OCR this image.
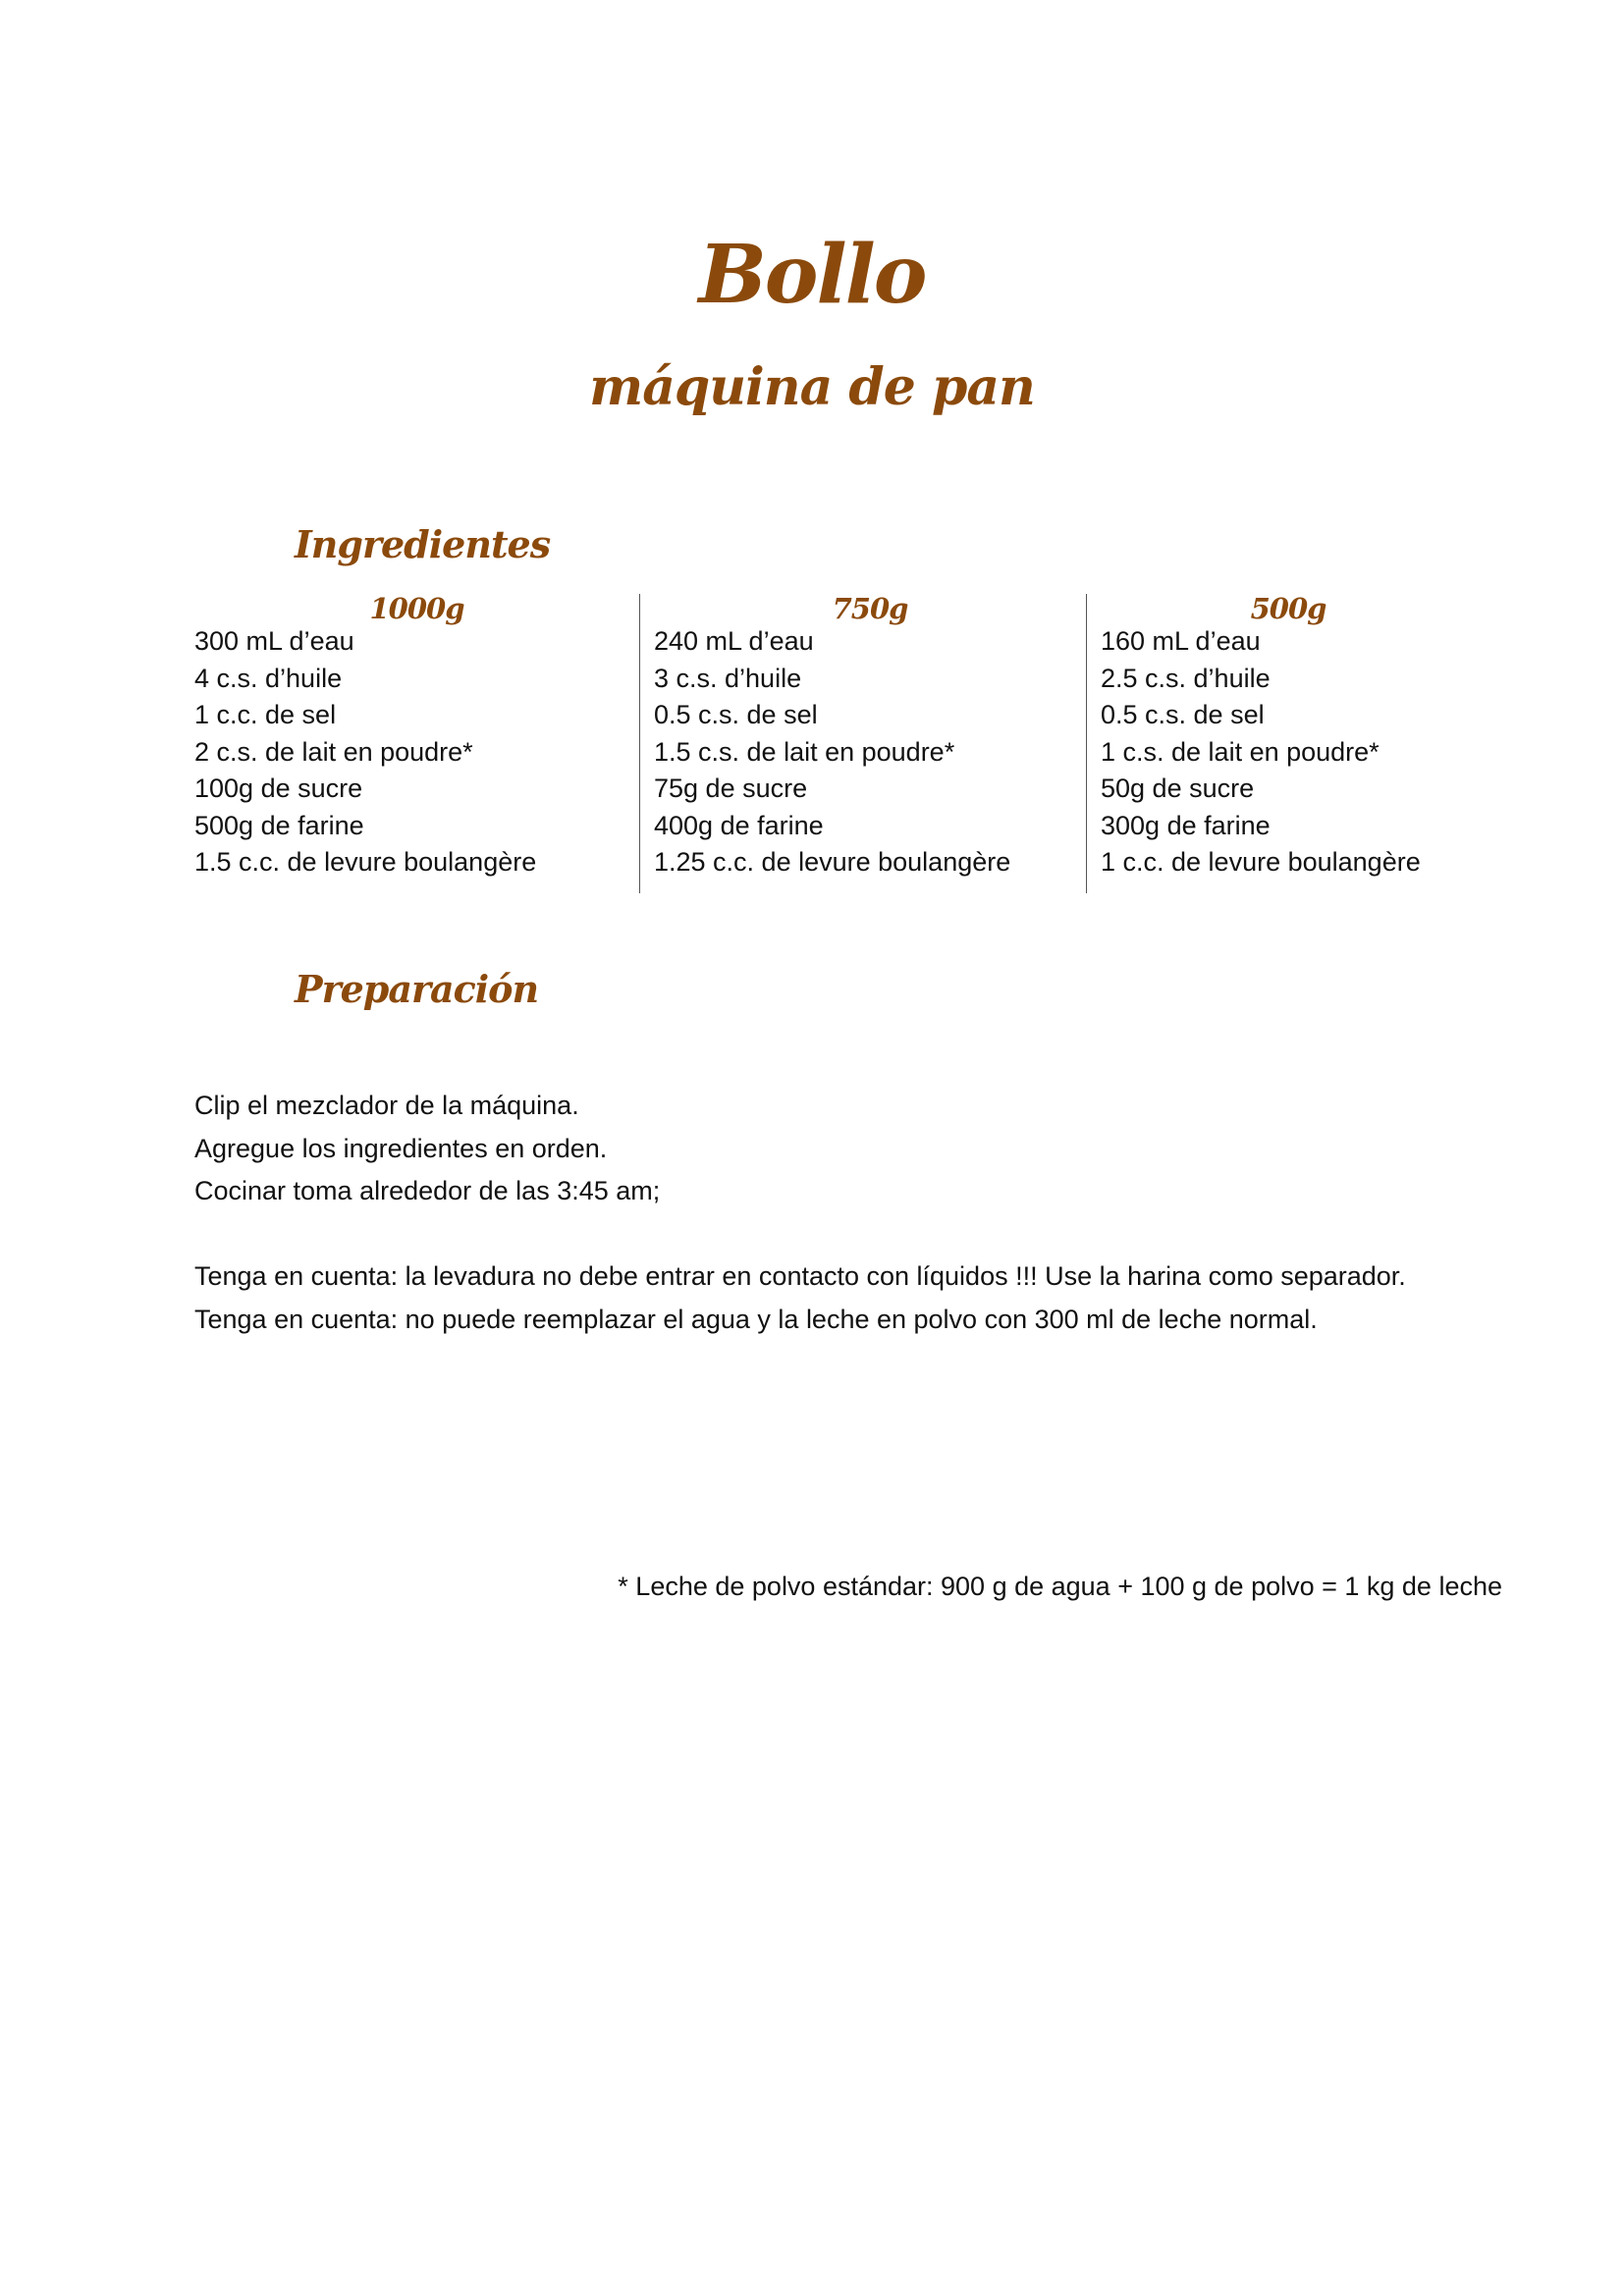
Bollo
máquina de pan
Ingredientes
1000g
300 mL d’eau
4 c.s. d’huile
1 c.c. de sel
2 c.s. de lait en poudre*
100g de sucre
500g de farine
1.5 c.c. de levure boulangère
750g
240 mL d’eau
3 c.s. d’huile
0.5 c.s. de sel
1.5 c.s. de lait en poudre*
75g de sucre
400g de farine
1.25 c.c. de levure boulangère
500g
160 mL d’eau
2.5 c.s. d’huile
0.5 c.s. de sel
1 c.s. de lait en poudre*
50g de sucre
300g de farine
1 c.c. de levure boulangère
Preparación
Clip el mezclador de la máquina.
Agregue los ingredientes en orden.
Cocinar toma alrededor de las 3:45 am;
Tenga en cuenta: la levadura no debe entrar en contacto con líquidos !!! Use la harina como separador.
Tenga en cuenta: no puede reemplazar el agua y la leche en polvo con 300 ml de leche normal.
* Leche de polvo estándar: 900 g de agua + 100 g de polvo = 1 kg de leche
